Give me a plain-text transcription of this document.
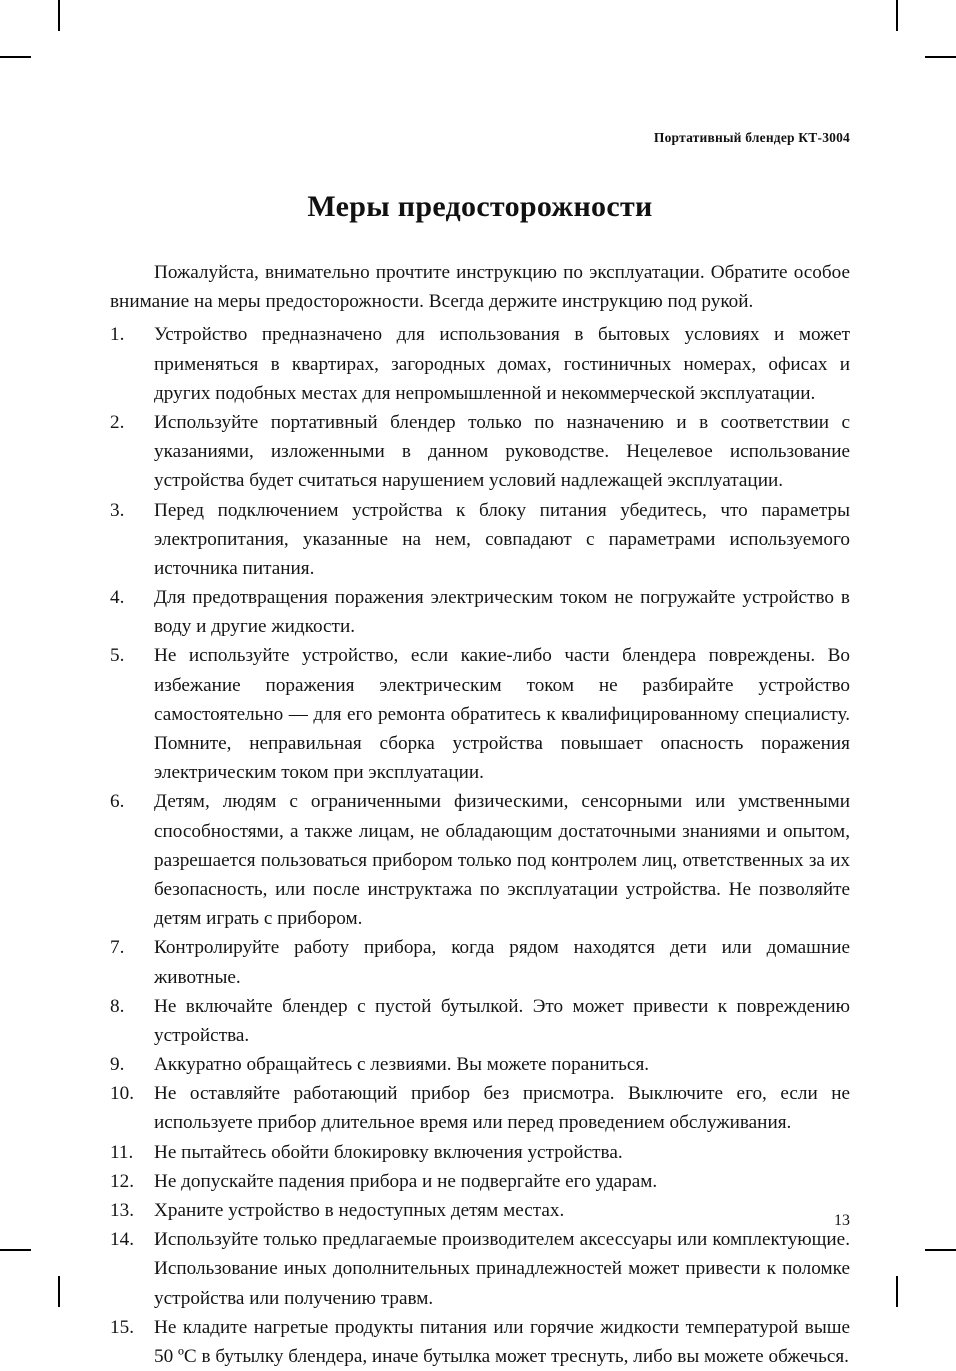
Портативный блендер КТ-3004
Меры предосторожности

Пожалуйста, внимательно прочтите инструкцию по эксплуатации. Обратите особое внимание на меры предосторожности. Всегда держите инструкцию под рукой.

1.	Устройство предназначено для использования в бытовых условиях и может применяться в квартирах, загородных домах, гостиничных номерах, офисах и других подобных местах для непромышленной и некоммерческой эксплуатации.
2.	Используйте портативный блендер только по назначению и в соответствии с указаниями, изложенными в данном руководстве. Нецелевое использование устройства будет считаться нарушением условий надлежащей эксплуатации.
3.	Перед подключением устройства к блоку питания убедитесь, что параметры электропитания, указанные на нем, совпадают с параметрами используемого источника питания.
4.	Для предотвращения поражения электрическим током не погружайте устройство в воду и другие жидкости.
5.	Не используйте устройство, если какие-либо части блендера повреждены. Во избежание поражения электрическим током не разбирайте устройство самостоятельно — для его ремонта обратитесь к квалифицированному специалисту. Помните, неправильная сборка устройства повышает опасность поражения электрическим током при эксплуатации.
6.	Детям, людям с ограниченными физическими, сенсорными или умственными способностями, а также лицам, не обладающим достаточными знаниями и опытом, разрешается пользоваться прибором только под контролем лиц, ответственных за их безопасность, или после инструктажа по эксплуатации устройства. Не позволяйте детям играть с прибором.
7.	Контролируйте работу прибора, когда рядом находятся дети или домашние животные.
8.	Не включайте блендер с пустой бутылкой. Это может привести к повреждению устройства.
9.	Аккуратно обращайтесь с лезвиями. Вы можете пораниться.
10.	Не оставляйте работающий прибор без присмотра. Выключите его, если не используете прибор длительное время или перед проведением обслуживания.
11.	Не пытайтесь обойти блокировку включения устройства.
12.	Не допускайте падения прибора и не подвергайте его ударам.
13.	Храните устройство в недоступных детям местах.
14.	Используйте только предлагаемые производителем аксессуары или комплектующие. Использование иных дополнительных принадлежностей может привести к поломке устройства или получению травм.
15.	Не кладите нагретые продукты питания или горячие жидкости температурой выше 50 ºC в бутылку блендера, иначе бутылка может треснуть, либо вы можете обжечься.
13
